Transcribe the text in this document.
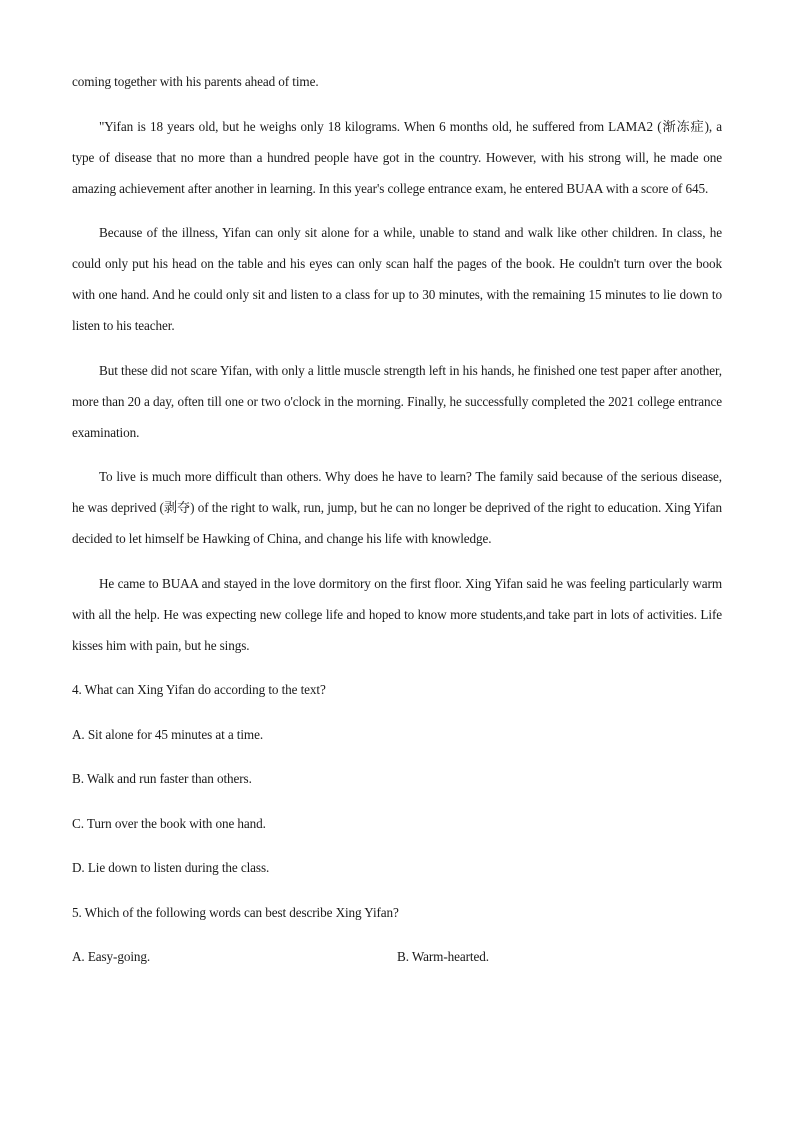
coming together with his parents ahead of time.

"Yifan is 18 years old, but he weighs only 18 kilograms. When 6 months old, he suffered from LAMA2 (渐冻症), a type of disease that no more than a hundred people have got in the country. However, with his strong will, he made one amazing achievement after another in learning. In this year's college entrance exam, he entered BUAA with a score of 645.

Because of the illness, Yifan can only sit alone for a while, unable to stand and walk like other children. In class, he could only put his head on the table and his eyes can only scan half the pages of the book. He couldn't turn over the book with one hand. And he could only sit and listen to a class for up to 30 minutes, with the remaining 15 minutes to lie down to listen to his teacher.

But these did not scare Yifan, with only a little muscle strength left in his hands, he finished one test paper after another, more than 20 a day, often till one or two o'clock in the morning. Finally, he successfully completed the 2021 college entrance examination.

To live is much more difficult than others. Why does he have to learn? The family said because of the serious disease, he was deprived (剥夺) of the right to walk, run, jump, but he can no longer be deprived of the right to education. Xing Yifan decided to let himself be Hawking of China, and change his life with knowledge.

He came to BUAA and stayed in the love dormitory on the first floor. Xing Yifan said he was feeling particularly warm with all the help. He was expecting new college life and hoped to know more students,and take part in lots of activities. Life kisses him with pain, but he sings.

4. What can Xing Yifan do according to the text?

A. Sit alone for 45 minutes at a time.

B. Walk and run faster than others.

C. Turn over the book with one hand.

D. Lie down to listen during the class.

5. Which of the following words can best describe Xing Yifan?

A. Easy-going.	B. Warm-hearted.
